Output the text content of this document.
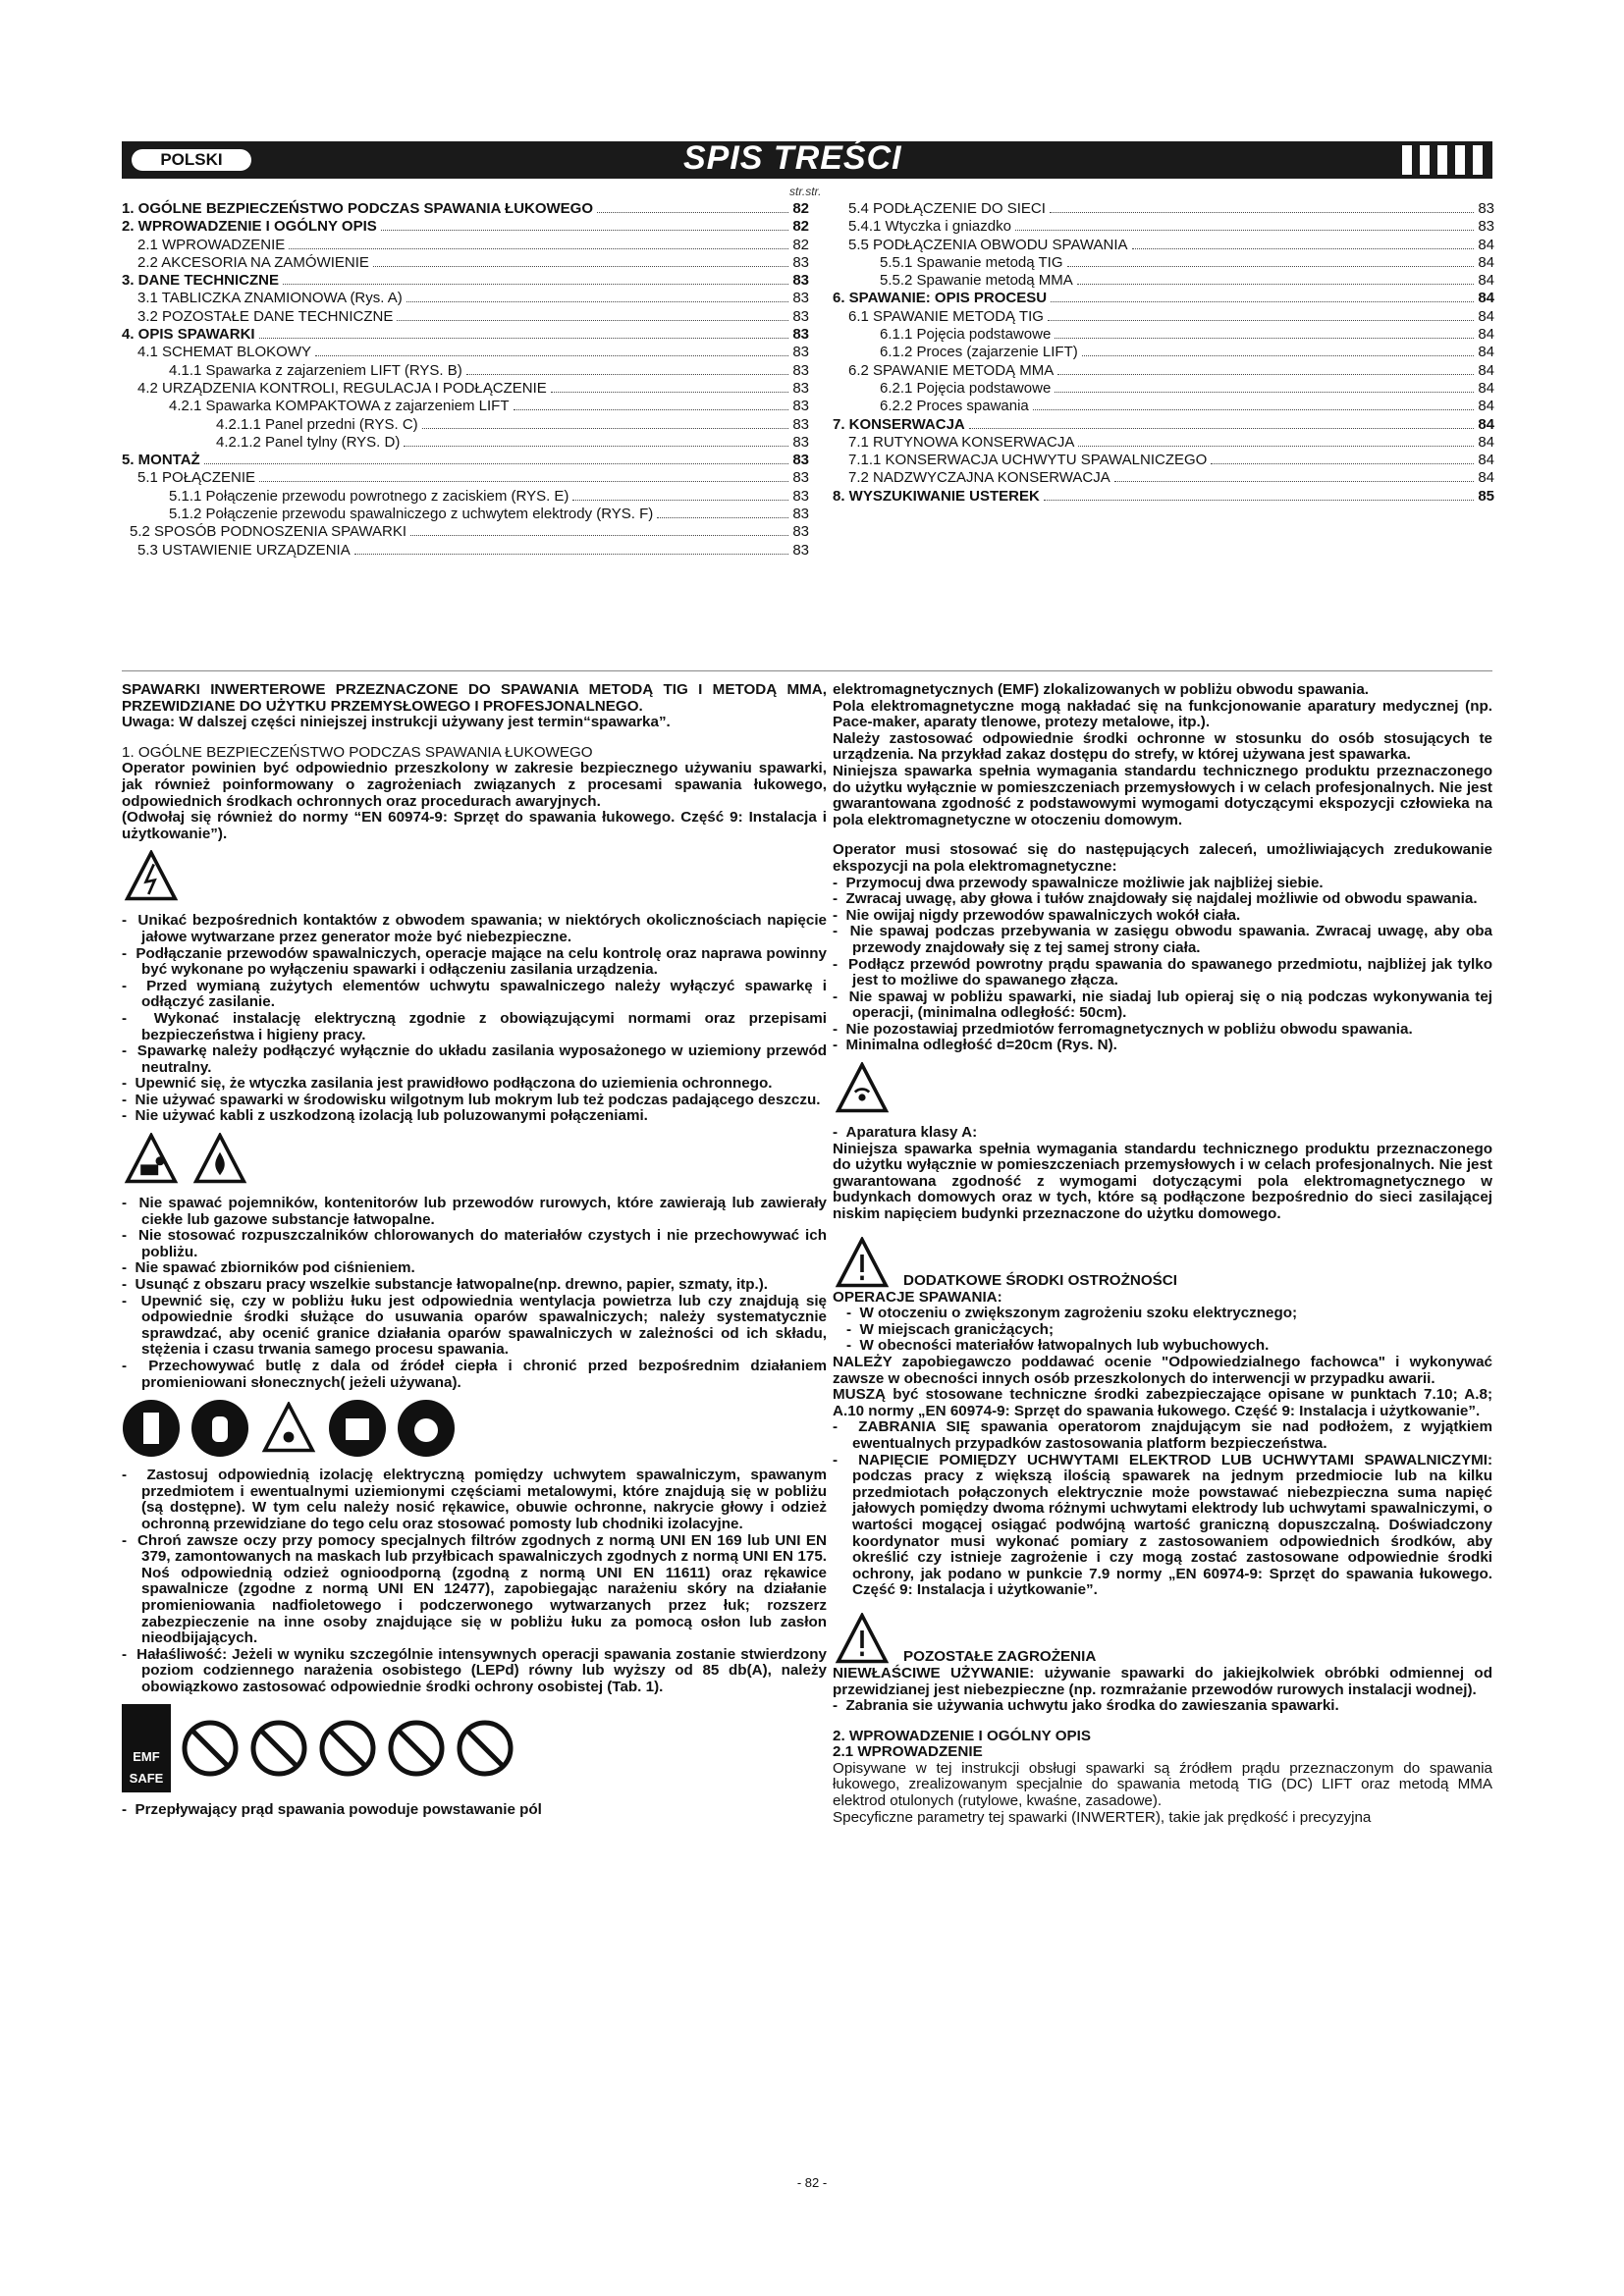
POLSKI	SPIS TREŚCI
str.str.
1. OGÓLNE BEZPIECZEŃSTWO PODCZAS SPAWANIA ŁUKOWEGO	82
2. WPROWADZENIE I OGÓLNY OPIS	82
2.1 WPROWADZENIE	82
2.2 AKCESORIA NA ZAMÓWIENIE	83
3. DANE TECHNICZNE	83
3.1 TABLICZKA ZNAMIONOWA (Rys. A)	83
3.2 POZOSTAŁE DANE TECHNICZNE	83
4. OPIS SPAWARKI	83
4.1 SCHEMAT BLOKOWY	83
4.1.1 Spawarka z zajarzeniem LIFT (RYS. B)	83
4.2 URZĄDZENIA KONTROLI, REGULACJA I PODŁĄCZENIE	83
4.2.1 Spawarka KOMPAKTOWA z zajarzeniem LIFT	83
4.2.1.1 Panel przedni (RYS. C)	83
4.2.1.2 Panel tylny (RYS. D)	83
5. MONTAŻ	83
5.1 POŁĄCZENIE	83
5.1.1 Połączenie przewodu powrotnego z zaciskiem (RYS. E)	83
5.1.2 Połączenie przewodu spawalniczego z uchwytem elektrody (RYS. F)	83
5.2 SPOSÓB PODNOSZENIA SPAWARKI	83
5.3 USTAWIENIE URZĄDZENIA	83
5.4 PODŁĄCZENIE DO SIECI	83
5.4.1 Wtyczka i gniazdko	83
5.5 PODŁĄCZENIA OBWODU SPAWANIA	84
5.5.1 Spawanie metodą TIG	84
5.5.2 Spawanie metodą MMA	84
6. SPAWANIE: OPIS PROCESU	84
6.1 SPAWANIE METODĄ TIG	84
6.1.1 Pojęcia podstawowe	84
6.1.2 Proces (zajarzenie LIFT)	84
6.2 SPAWANIE METODĄ MMA	84
6.2.1 Pojęcia podstawowe	84
6.2.2 Proces spawania	84
7. KONSERWACJA	84
7.1 RUTYNOWA KONSERWACJA	84
7.1.1 KONSERWACJA UCHWYTU SPAWALNICZEGO	84
7.2 NADZWYCZAJNA KONSERWACJA	84
8. WYSZUKIWANIE USTEREK	85

SPAWARKI INWERTEROWE PRZEZNACZONE DO SPAWANIA METODĄ TIG I METODĄ MMA, PRZEWIDZIANE DO UŻYTKU PRZEMYSŁOWEGO I PROFESJONALNEGO.

Uwaga: W dalszej części niniejszej instrukcji używany jest termin“spawarka”.

1. OGÓLNE BEZPIECZEŃSTWO PODCZAS SPAWANIA ŁUKOWEGO

Operator powinien być odpowiednio przeszkolony w zakresie bezpiecznego używaniu spawarki, jak również poinformowany o zagrożeniach związanych z procesami spawania łukowego, odpowiednich środkach ochronnych oraz procedurach awaryjnych.

(Odwołaj się również do normy “EN 60974-9: Sprzęt do spawania łukowego. Część 9: Instalacja i użytkowanie”).

-  Unikać bezpośrednich kontaktów z obwodem spawania; w niektórych okolicznościach napięcie jałowe wytwarzane przez generator może być niebezpieczne.

-  Podłączanie przewodów spawalniczych, operacje mające na celu kontrolę oraz naprawa powinny być wykonane po wyłączeniu spawarki i odłączeniu zasilania urządzenia.

-  Przed wymianą zużytych elementów uchwytu spawalniczego należy wyłączyć spawarkę i odłączyć zasilanie.

-  Wykonać instalację elektryczną zgodnie z obowiązującymi normami oraz przepisami bezpieczeństwa i higieny pracy.

-  Spawarkę należy podłączyć wyłącznie do układu zasilania wyposażonego w uziemiony przewód neutralny.

-  Upewnić się, że wtyczka zasilania jest prawidłowo podłączona do uziemienia ochronnego.

-  Nie używać spawarki w środowisku wilgotnym lub mokrym lub też podczas padającego deszczu.

-  Nie używać kabli z uszkodzoną izolacją lub poluzowanymi połączeniami.

-  Nie spawać pojemników, kontenitorów lub przewodów rurowych, które zawierają lub zawierały ciekłe lub gazowe substancje łatwopalne.

-  Nie stosować rozpuszczalników chlorowanych do materiałów czystych i nie przechowywać ich pobliżu.

-  Nie spawać zbiorników pod ciśnieniem.

-  Usunąć z obszaru pracy wszelkie substancje łatwopalne(np. drewno, papier, szmaty, itp.).

-  Upewnić się, czy w pobliżu łuku jest odpowiednia wentylacja powietrza lub czy znajdują się odpowiednie środki służące do usuwania oparów spawalniczych; należy systematycznie sprawdzać, aby ocenić granice działania oparów spawalniczych w zależności od ich składu, stężenia i czasu trwania samego procesu spawania.

-  Przechowywać butlę z dala od źródeł ciepła i chronić przed bezpośrednim działaniem promieniowani słonecznych( jeżeli używana).

-  Zastosuj odpowiednią izolację elektryczną pomiędzy uchwytem spawalniczym, spawanym przedmiotem i ewentualnymi uziemionymi częściami metalowymi, które znajdują się w pobliżu (są dostępne). W tym celu należy nosić rękawice, obuwie ochronne, nakrycie głowy i odzież ochronną przewidziane do tego celu oraz stosować pomosty lub chodniki izolacyjne.

-  Chroń zawsze oczy przy pomocy specjalnych filtrów zgodnych z normą UNI EN 169 lub UNI EN 379, zamontowanych na maskach lub przyłbicach spawalniczych zgodnych z normą UNI EN 175. Noś odpowiednią odzież ognioodporną (zgodną z normą UNI EN 11611) oraz rękawice spawalnicze (zgodne z normą UNI EN 12477), zapobiegając narażeniu skóry na działanie promieniowania nadfioletowego i podczerwonego wytwarzanych przez łuk; rozszerz zabezpieczenie na inne osoby znajdujące się w pobliżu łuku za pomocą osłon lub zasłon nieodbijających.

-  Hałaśliwość: Jeżeli w wyniku szczególnie intensywnych operacji spawania zostanie stwierdzony poziom codziennego narażenia osobistego (LEPd) równy lub wyższy od 85 db(A), należy obowiązkowo zastosować odpowiednie środki ochrony osobistej (Tab. 1).

EMF
SAFE

-  Przepływający prąd spawania powoduje powstawanie pól

elektromagnetycznych (EMF) zlokalizowanych w pobliżu obwodu spawania.

Pola elektromagnetyczne mogą nakładać się na funkcjonowanie aparatury medycznej (np. Pace-maker, aparaty tlenowe, protezy metalowe, itp.).

Należy zastosować odpowiednie środki ochronne w stosunku do osób stosujących te urządzenia. Na przykład zakaz dostępu do strefy, w której używana jest spawarka.

Niniejsza spawarka spełnia wymagania standardu technicznego produktu przeznaczonego do użytku wyłącznie w pomieszczeniach przemysłowych i w celach profesjonalnych. Nie jest gwarantowana zgodność z podstawowymi wymogami dotyczącymi ekspozycji człowieka na pola elektromagnetyczne w otoczeniu domowym.

Operator musi stosować się do następujących zaleceń, umożliwiających zredukowanie ekspozycji na pola elektromagnetyczne:

-  Przymocuj dwa przewody spawalnicze możliwie jak najbliżej siebie.

-  Zwracaj uwagę, aby głowa i tułów znajdowały się najdalej możliwie od obwodu spawania.

-  Nie owijaj nigdy przewodów spawalniczych wokół ciała.

-  Nie spawaj podczas przebywania w zasięgu obwodu spawania. Zwracaj uwagę, aby oba przewody znajdowały się z tej samej strony ciała.

-  Podłącz przewód powrotny prądu spawania do spawanego przedmiotu, najbliżej jak tylko jest to możliwe do spawanego złącza.

-  Nie spawaj w pobliżu spawarki, nie siadaj lub opieraj się o nią podczas wykonywania tej operacji, (minimalna odległość: 50cm).

-  Nie pozostawiaj przedmiotów ferromagnetycznych w pobliżu obwodu spawania.

-  Minimalna odległość d=20cm (Rys. N).

-  Aparatura klasy A:

Niniejsza spawarka spełnia wymagania standardu technicznego produktu przeznaczonego do użytku wyłącznie w pomieszczeniach przemysłowych i w celach profesjonalnych. Nie jest gwarantowana zgodność z wymogami dotyczącymi pola elektromagnetycznego w budynkach domowych oraz w tych, które są podłączone bezpośrednio do sieci zasilającej niskim napięciem budynki przeznaczone do użytku domowego.

DODATKOWE ŚRODKI OSTROŻNOŚCI

OPERACJE SPAWANIA:

-  W otoczeniu o zwiększonym zagrożeniu szoku elektrycznego;

-  W miejscach granicżących;

-  W obecności materiałów łatwopalnych lub wybuchowych.

NALEŻY zapobiegawczo poddawać ocenie "Odpowiedzialnego fachowca" i wykonywać zawsze w obecności innych osób przeszkolonych do interwencji w przypadku awarii.

MUSZĄ być stosowane techniczne środki zabezpieczające opisane w punktach 7.10; A.8; A.10 normy „EN 60974-9: Sprzęt do spawania łukowego. Część 9: Instalacja i użytkowanie”.

-  ZABRANIA SIĘ spawania operatorom znajdującym sie nad podłożem, z wyjątkiem ewentualnych przypadków zastosowania platform bezpieczeństwa.

-  NAPIĘCIE POMIĘDZY UCHWYTAMI ELEKTROD LUB UCHWYTAMI SPAWALNICZYMI: podczas pracy z większą ilością spawarek na jednym przedmiocie lub na kilku przedmiotach połączonych elektrycznie może powstawać niebezpieczna suma napięć jałowych pomiędzy dwoma różnymi uchwytami elektrody lub uchwytami spawalniczymi, o wartości mogącej osiągać podwójną wartość graniczną dopuszczalną. Doświadczony koordynator musi wykonać pomiary z zastosowaniem odpowiednich środków, aby określić czy istnieje zagrożenie i czy mogą zostać zastosowane odpowiednie środki ochrony, jak podano w punkcie 7.9 normy „EN 60974-9: Sprzęt do spawania łukowego. Część 9: Instalacja i użytkowanie”.

POZOSTAŁE ZAGROŻENIA

NIEWŁAŚCIWE UŻYWANIE: używanie spawarki do jakiejkolwiek obróbki odmiennej od przewidzianej jest niebezpieczne (np. rozmrażanie przewodów rurowych instalacji wodnej).

-  Zabrania sie używania uchwytu jako środka do zawieszania spawarki.

2. WPROWADZENIE I OGÓLNY OPIS

2.1 WPROWADZENIE

Opisywane w tej instrukcji obsługi spawarki są źródłem prądu przeznaczonym do spawania łukowego, zrealizowanym specjalnie do spawania metodą TIG (DC) LIFT oraz metodą MMA elektrod otulonych (rutylowe, kwaśne, zasadowe).

Specyficzne parametry tej spawarki (INWERTER), takie jak prędkość i precyzyjna

- 82 -
